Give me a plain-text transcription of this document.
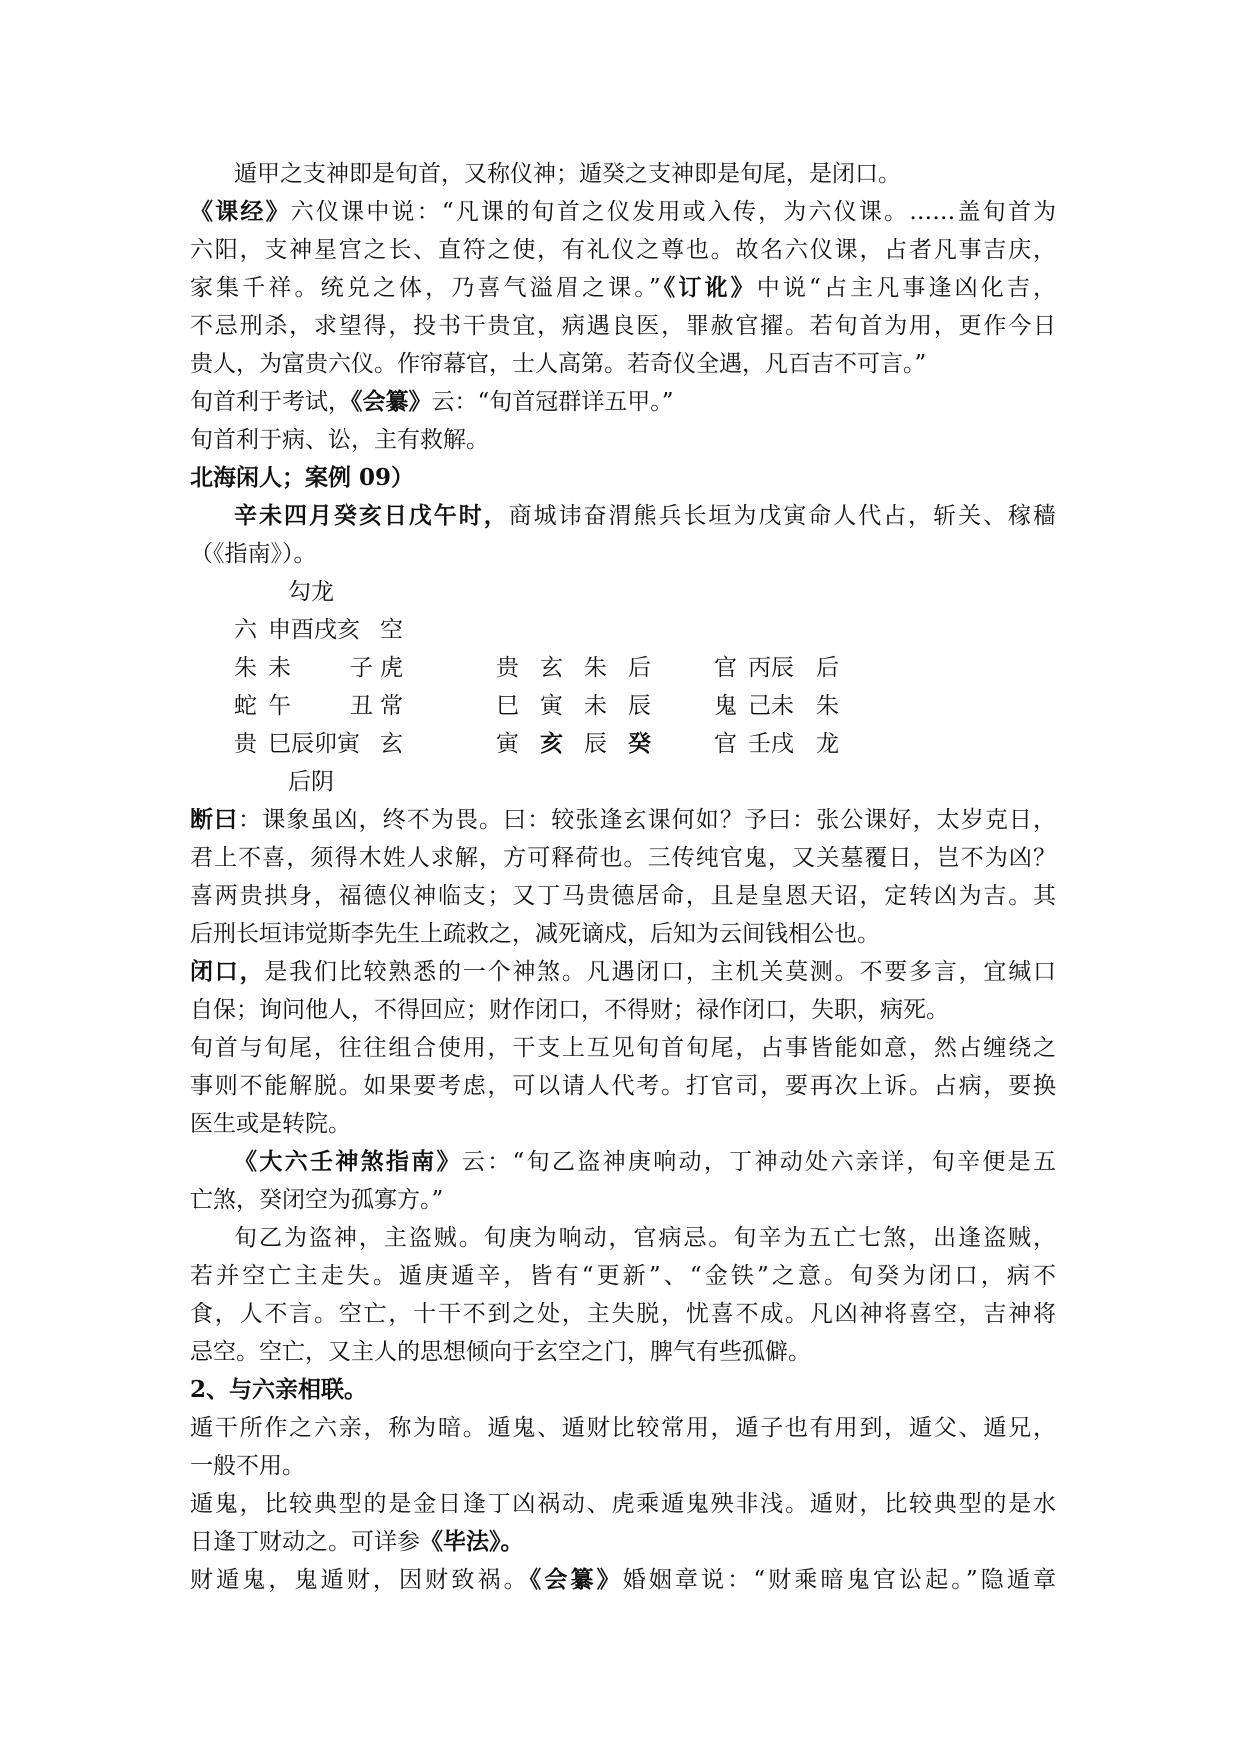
遁甲之支神即是旬首，又称仪神；遁癸之支神即是旬尾，是闭口。
《课经》六仪课中说：“凡课的旬首之仪发用或入传，为六仪课。……盖旬首为
六阳，支神星宫之长、直符之使，有礼仪之尊也。故名六仪课，占者凡事吉庆，
家集千祥。统兑之体，乃喜气溢眉之课。”《订讹》中说“占主凡事逢凶化吉，
不忌刑杀，求望得，投书干贵宜，病遇良医，罪赦官擢。若旬首为用，更作今日
贵人，为富贵六仪。作帘幕官，士人高第。若奇仪全遇，凡百吉不可言。”
旬首利于考试，《会纂》云：“旬首冠群详五甲。”
旬首利于病、讼，主有救解。
北海闲人；案例 09）
辛未四月癸亥日戊午时，商城讳奋渭熊兵长垣为戊寅命人代占，斩关、稼穑
（《指南》）。
勾龙
六 申酉戌亥 空
朱 未	子 虎
蛇 午	丑 常
贵 巳辰卯寅 玄
后阴
贵 玄 朱 后
巳 寅 未 辰
寅 亥 辰 癸
官 丙辰 后
鬼 己未 朱
官 壬戌 龙
断曰：课象虽凶，终不为畏。曰：较张逢玄课何如？予曰：张公课好，太岁克日，
君上不喜，须得木姓人求解，方可释荷也。三传纯官鬼，又关墓覆日，岂不为凶？
喜两贵拱身，福德仪神临支；又丁马贵德居命，且是皇恩天诏，定转凶为吉。其
后刑长垣讳觉斯李先生上疏救之，减死谪戍，后知为云间钱相公也。
闭口，是我们比较熟悉的一个神煞。凡遇闭口，主机关莫测。不要多言，宜缄口
自保；询问他人，不得回应；财作闭口，不得财；禄作闭口，失职，病死。
旬首与旬尾，往往组合使用，干支上互见旬首旬尾，占事皆能如意，然占缠绕之
事则不能解脱。如果要考虑，可以请人代考。打官司，要再次上诉。占病，要换
医生或是转院。
《大六壬神煞指南》云：“旬乙盗神庚响动，丁神动处六亲详，旬辛便是五
亡煞，癸闭空为孤寡方。”
旬乙为盗神，主盗贼。旬庚为响动，官病忌。旬辛为五亡七煞，出逢盗贼，
若并空亡主走失。遁庚遁辛，皆有“更新”、“金铁”之意。旬癸为闭口，病不
食，人不言。空亡，十干不到之处，主失脱，忧喜不成。凡凶神将喜空，吉神将
忌空。空亡，又主人的思想倾向于玄空之门，脾气有些孤僻。
2、与六亲相联。
遁干所作之六亲，称为暗。遁鬼、遁财比较常用，遁子也有用到，遁父、遁兄，
一般不用。
遁鬼，比较典型的是金日逢丁凶祸动、虎乘遁鬼殃非浅。遁财，比较典型的是水
日逢丁财动之。可详参《毕法》。
财遁鬼，鬼遁财，因财致祸。《会纂》婚姻章说：“财乘暗鬼官讼起。”隐遁章
